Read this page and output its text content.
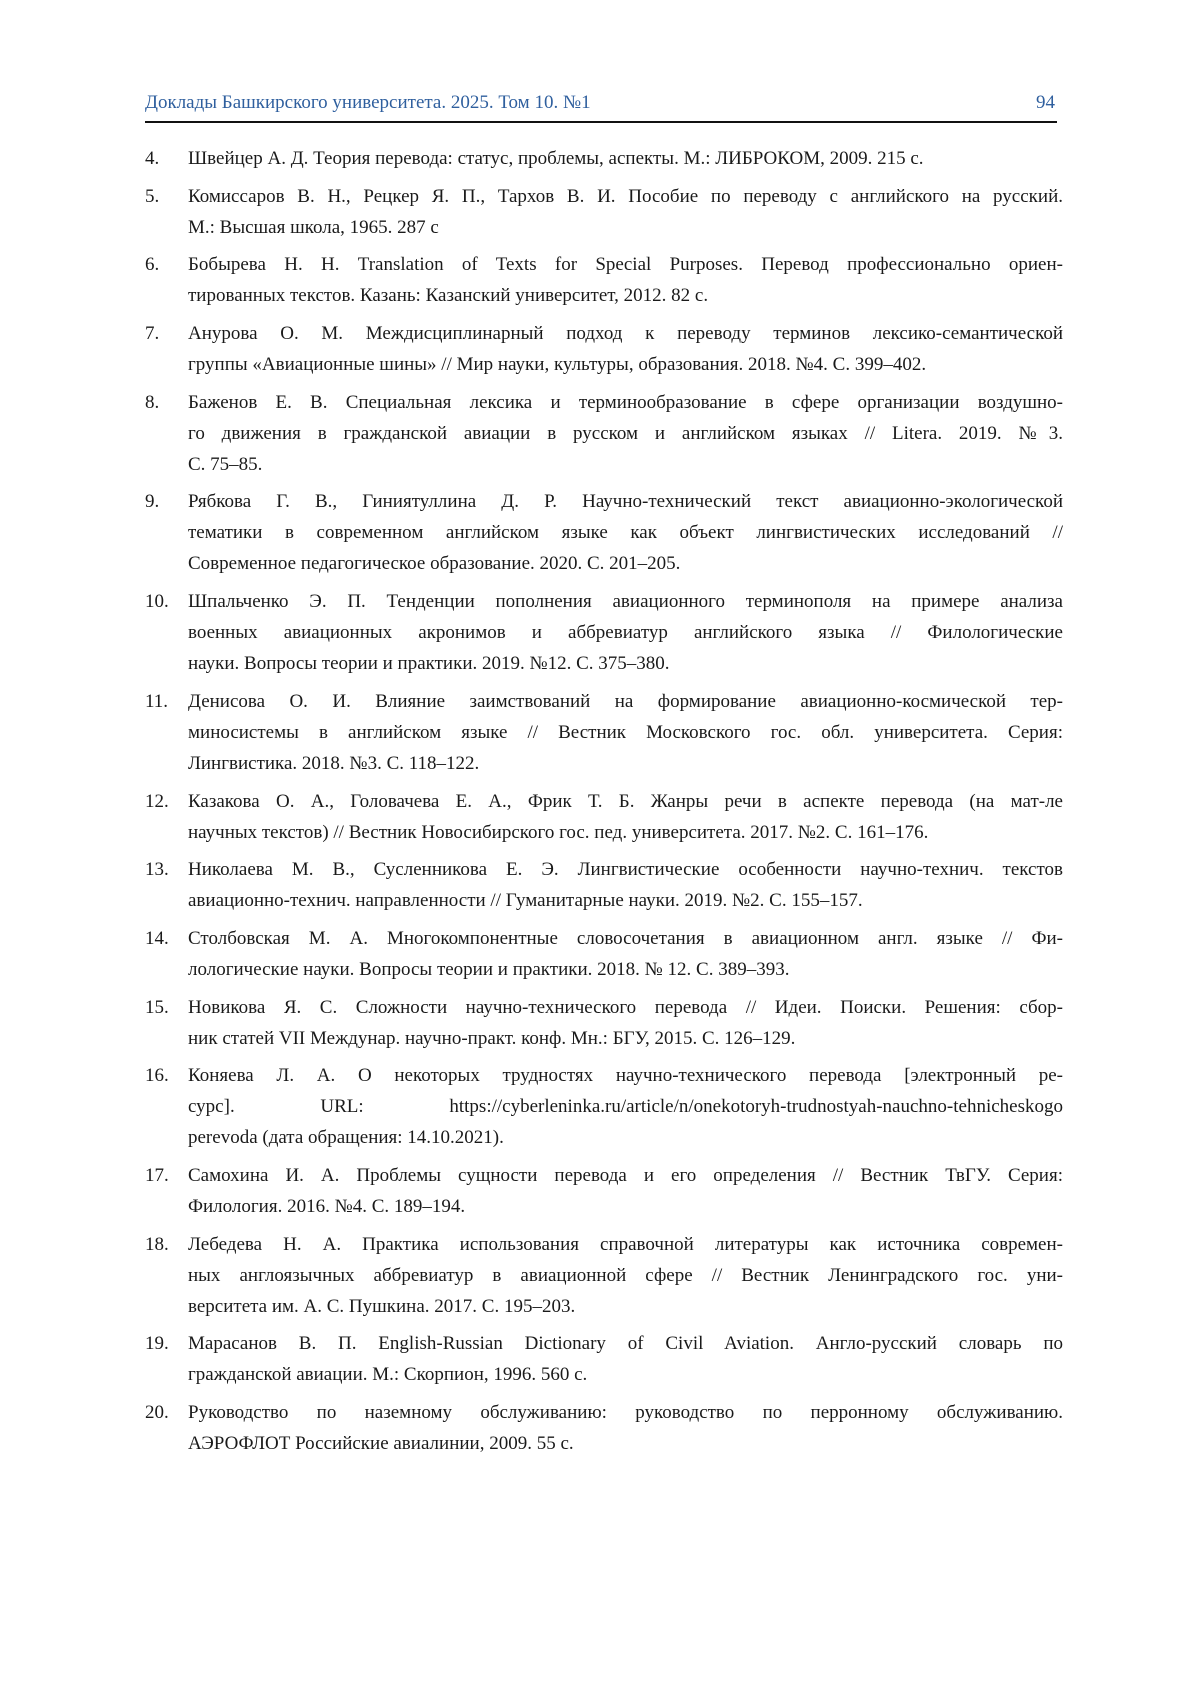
Доклады Башкирского университета. 2025. Том 10. №1	94
4.	Швейцер А. Д. Теория перевода: статус, проблемы, аспекты. М.: ЛИБРОКОМ, 2009. 215 с.
5.	Комиссаров В. Н., Рецкер Я. П., Тархов В. И. Пособие по переводу с английского на русский.
М.: Высшая школа, 1965. 287 с
6.	Бобырева Н. Н. Translation of Texts for Special Purposes. Перевод профессионально ориен-
тированных текстов. Казань: Казанский университет, 2012. 82 с.
7.	Анурова О. М. Междисциплинарный подход к переводу терминов лексико-семантической
группы «Авиационные шины» // Мир науки, культуры, образования. 2018. №4. С. 399–402.
8.	Баженов Е. В. Специальная лексика и терминообразование в сфере организации воздушно-
го движения в гражданской авиации в русском и английском языках // Litera. 2019. №3.
С. 75–85.
9.	Рябкова Г. В., Гиниятуллина Д. Р. Научно-технический текст авиационно-экологической
тематики в современном английском языке как объект лингвистических исследований //
Современное педагогическое образование. 2020. С. 201–205.
10.	Шпальченко Э. П. Тенденции пополнения авиационного терминополя на примере анализа
военных авиационных акронимов и аббревиатур английского языка // Филологические
науки. Вопросы теории и практики. 2019. №12. С. 375–380.
11.	Денисова О. И. Влияние заимствований на формирование авиационно-космической тер-
миносистемы в английском языке // Вестник Московского гос. обл. университета. Серия:
Лингвистика. 2018. №3. С. 118–122.
12.	Казакова О. А., Головачева Е. А., Фрик Т. Б. Жанры речи в аспекте перевода (на мат-ле
научных текстов) // Вестник Новосибирского гос. пед. университета. 2017. №2. С. 161–176.
13.	Николаева М. В., Сусленникова Е. Э. Лингвистические особенности научно-технич. текстов
авиационно-технич. направленности // Гуманитарные науки. 2019. №2. С. 155–157.
14.	Столбовская М. А. Многокомпонентные словосочетания в авиационном англ. языке // Фи-
лологические науки. Вопросы теории и практики. 2018. № 12. С. 389–393.
15.	Новикова Я. С. Сложности научно-технического перевода // Идеи. Поиски. Решения: сбор-
ник статей VII Междунар. научно-практ. конф. Мн.: БГУ, 2015. С. 126–129.
16.	Коняева Л. А. О некоторых трудностях научно-технического перевода [электронный ре-
сурс]. URL: https://cyberleninka.ru/article/n/onekotoryh-trudnostyah-nauchno-tehnicheskogo
perevoda (дата обращения: 14.10.2021).
17.	Самохина И. А. Проблемы сущности перевода и его определения // Вестник ТвГУ. Серия:
Филология. 2016. №4. С. 189–194.
18.	Лебедева Н. А. Практика использования справочной литературы как источника современ-
ных англоязычных аббревиатур в авиационной сфере // Вестник Ленинградского гос. уни-
верситета им. А. С. Пушкина. 2017. С. 195–203.
19.	Марасанов В. П. English-Russian Dictionary of Civil Aviation. Англо-русский словарь по
гражданской авиации. М.: Скорпион, 1996. 560 с.
20.	Руководство по наземному обслуживанию: руководство по перронному обслуживанию.
АЭРОФЛОТ Российские авиалинии, 2009. 55 с.
